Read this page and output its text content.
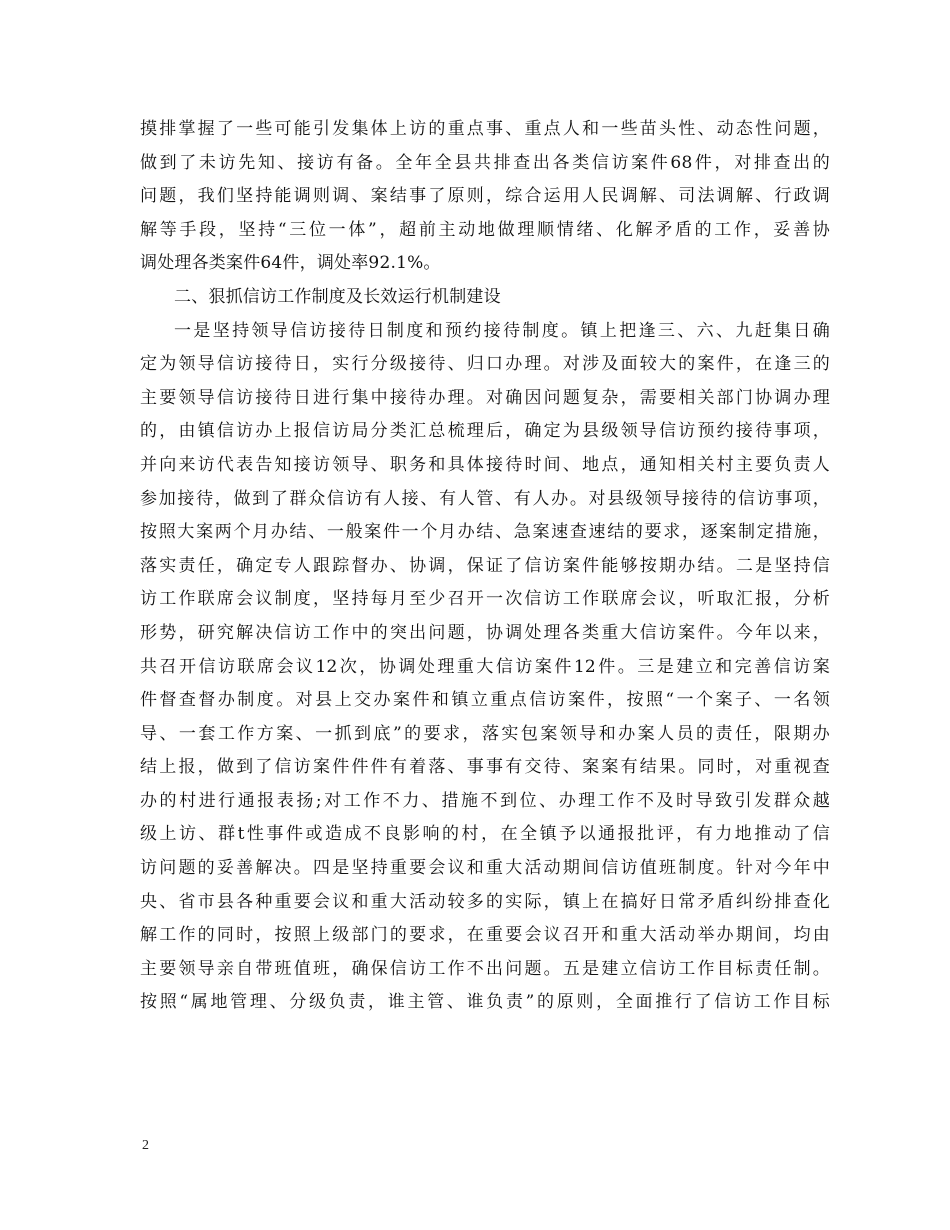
摸排掌握了一些可能引发集体上访的重点事、重点人和一些苗头性、动态性问题，
做到了未访先知、接访有备。全年全县共排查出各类信访案件68件，对排查出的
问题，我们坚持能调则调、案结事了原则，综合运用人民调解、司法调解、行政调
解等手段，坚持“三位一体”，超前主动地做理顺情绪、化解矛盾的工作，妥善协
调处理各类案件64件，调处率92.1%。
二、狠抓信访工作制度及长效运行机制建设
一是坚持领导信访接待日制度和预约接待制度。镇上把逢三、六、九赶集日确
定为领导信访接待日，实行分级接待、归口办理。对涉及面较大的案件，在逢三的
主要领导信访接待日进行集中接待办理。对确因问题复杂，需要相关部门协调办理
的，由镇信访办上报信访局分类汇总梳理后，确定为县级领导信访预约接待事项，
并向来访代表告知接访领导、职务和具体接待时间、地点，通知相关村主要负责人
参加接待，做到了群众信访有人接、有人管、有人办。对县级领导接待的信访事项，
按照大案两个月办结、一般案件一个月办结、急案速查速结的要求，逐案制定措施，
落实责任，确定专人跟踪督办、协调，保证了信访案件能够按期办结。二是坚持信
访工作联席会议制度，坚持每月至少召开一次信访工作联席会议，听取汇报，分析
形势，研究解决信访工作中的突出问题，协调处理各类重大信访案件。今年以来，
共召开信访联席会议12次，协调处理重大信访案件12件。三是建立和完善信访案
件督查督办制度。对县上交办案件和镇立重点信访案件，按照“一个案子、一名领
导、一套工作方案、一抓到底”的要求，落实包案领导和办案人员的责任，限期办
结上报，做到了信访案件件件有着落、事事有交待、案案有结果。同时，对重视查
办的村进行通报表扬;对工作不力、措施不到位、办理工作不及时导致引发群众越
级上访、群t性事件或造成不良影响的村，在全镇予以通报批评，有力地推动了信
访问题的妥善解决。四是坚持重要会议和重大活动期间信访值班制度。针对今年中
央、省市县各种重要会议和重大活动较多的实际，镇上在搞好日常矛盾纠纷排查化
解工作的同时，按照上级部门的要求，在重要会议召开和重大活动举办期间，均由
主要领导亲自带班值班，确保信访工作不出问题。五是建立信访工作目标责任制。
按照“属地管理、分级负责，谁主管、谁负责”的原则，全面推行了信访工作目标
2
